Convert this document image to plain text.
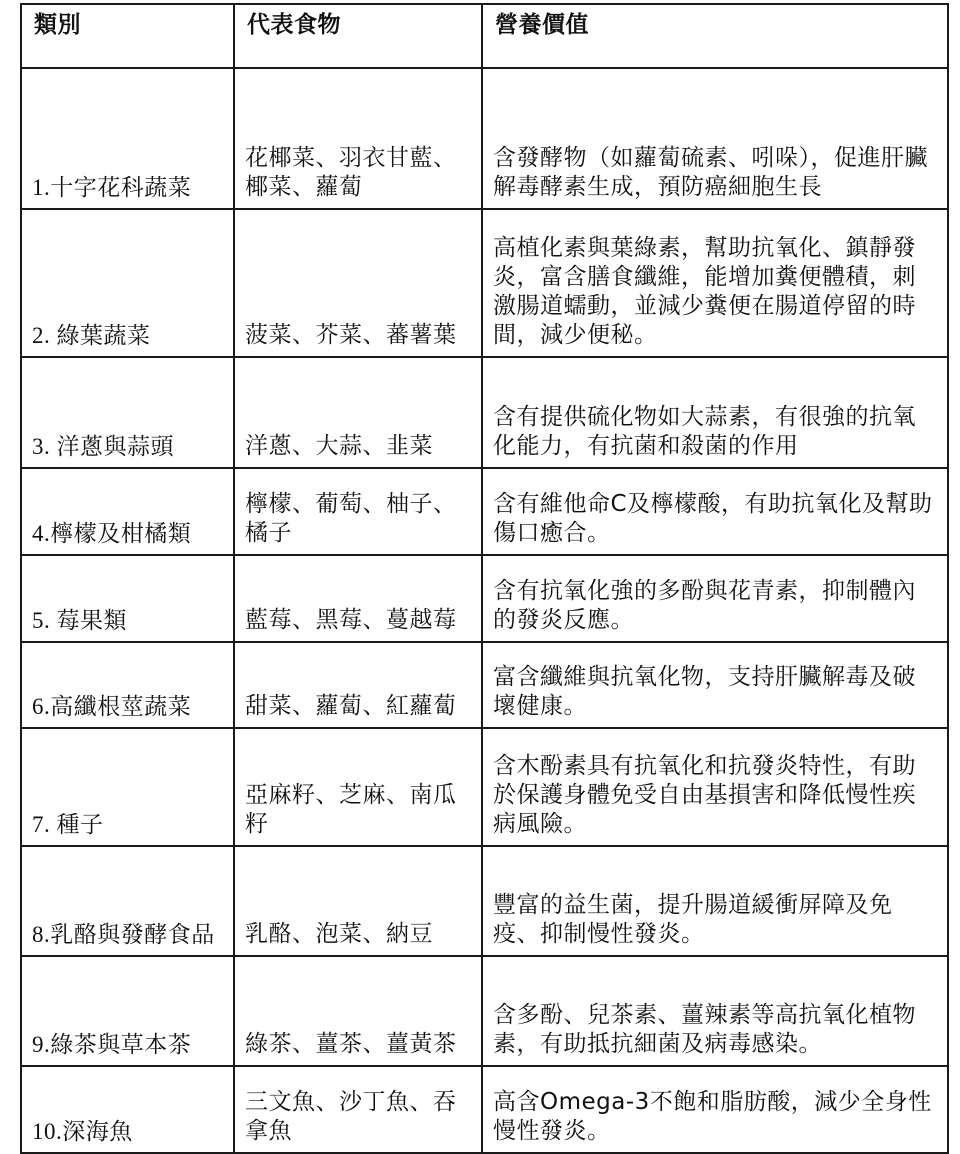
類別	代表食物	營養價值
1.十字花科蔬菜	花椰菜、羽衣甘藍、椰菜、蘿蔔	含發酵物（如蘿蔔硫素、吲哚），促進肝臟解毒酵素生成，預防癌細胞生長
2. 綠葉蔬菜	菠菜、芥菜、蕃薯葉	高植化素與葉綠素，幫助抗氧化、鎮靜發炎，富含膳食纖維，能增加糞便體積，刺激腸道蠕動，並減少糞便在腸道停留的時間，減少便秘。
3. 洋蔥與蒜頭	洋蔥、大蒜、韭菜	含有提供硫化物如大蒜素，有很強的抗氧化能力，有抗菌和殺菌的作用
4.檸檬及柑橘類	檸檬、葡萄、柚子、橘子	含有維他命C及檸檬酸，有助抗氧化及幫助傷口癒合。
5. 莓果類	藍莓、黑莓、蔓越莓	含有抗氧化強的多酚與花青素，抑制體內的發炎反應。
6.高纖根莖蔬菜	甜菜、蘿蔔、紅蘿蔔	富含纖維與抗氧化物，支持肝臟解毒及破壞健康。
7. 種子	亞麻籽、芝麻、南瓜籽	含木酚素具有抗氧化和抗發炎特性，有助於保護身體免受自由基損害和降低慢性疾病風險。
8.乳酪與發酵食品	乳酪、泡菜、納豆	豐富的益生菌，提升腸道緩衝屏障及免疫、抑制慢性發炎。
9.綠茶與草本茶	綠茶、薑茶、薑黃茶	含多酚、兒茶素、薑辣素等高抗氧化植物素，有助抵抗細菌及病毒感染。
10.深海魚	三文魚、沙丁魚、吞拿魚	高含Omega-3不飽和脂肪酸，減少全身性慢性發炎。
